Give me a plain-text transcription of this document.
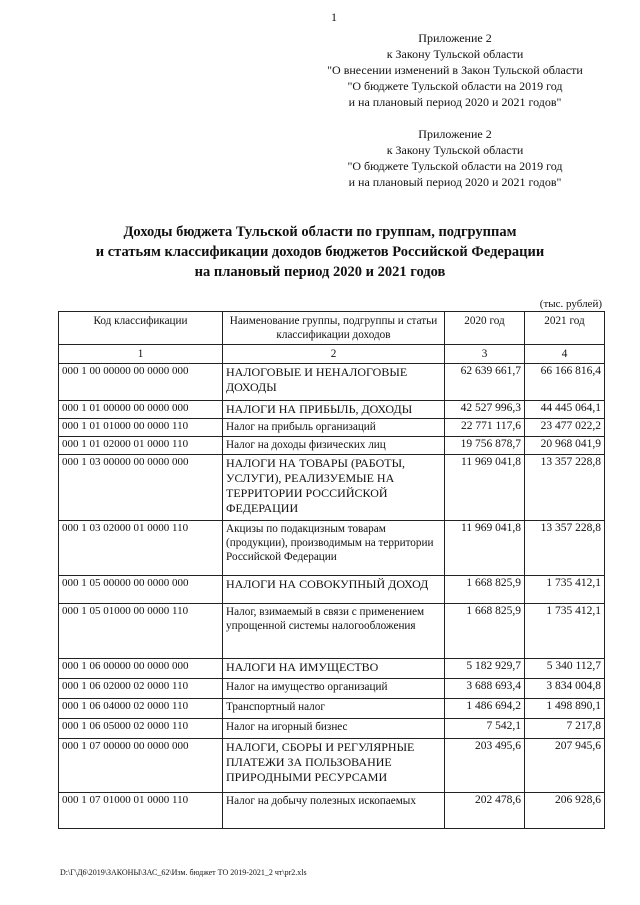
1
Приложение 2
к Закону Тульской области
"О внесении изменений в Закон Тульской области
"О бюджете Тульской области на 2019 год
и на плановый период 2020 и 2021 годов"
Приложение 2
к Закону Тульской области
"О бюджете Тульской области на 2019 год
и на плановый период 2020 и 2021 годов"
Доходы бюджета Тульской области по группам, подгруппам
и статьям классификации доходов бюджетов Российской Федерации
на плановый период 2020 и 2021 годов
(тыс. рублей)
Код классификации	Наименование группы, подгруппы и статьи классификации доходов	2020 год	2021 год
1	2	3	4
000 1 00 00000 00 0000 000	НАЛОГОВЫЕ И НЕНАЛОГОВЫЕ ДОХОДЫ	62 639 661,7	66 166 816,4
000 1 01 00000 00 0000 000	НАЛОГИ НА ПРИБЫЛЬ, ДОХОДЫ	42 527 996,3	44 445 064,1
000 1 01 01000 00 0000 110	Налог на прибыль организаций	22 771 117,6	23 477 022,2
000 1 01 02000 01 0000 110	Налог на доходы физических лиц	19 756 878,7	20 968 041,9
000 1 03 00000 00 0000 000	НАЛОГИ НА ТОВАРЫ (РАБОТЫ, УСЛУГИ), РЕАЛИЗУЕМЫЕ НА ТЕРРИТОРИИ РОССИЙСКОЙ ФЕДЕРАЦИИ	11 969 041,8	13 357 228,8
000 1 03 02000 01 0000 110	Акцизы по подакцизным товарам (продукции), производимым на территории Российской Федерации	11 969 041,8	13 357 228,8
000 1 05 00000 00 0000 000	НАЛОГИ НА СОВОКУПНЫЙ ДОХОД	1 668 825,9	1 735 412,1
000 1 05 01000 00 0000 110	Налог, взимаемый в связи с применением упрощенной системы налогообложения	1 668 825,9	1 735 412,1
000 1 06 00000 00 0000 000	НАЛОГИ НА ИМУЩЕСТВО	5 182 929,7	5 340 112,7
000 1 06 02000 02 0000 110	Налог на имущество организаций	3 688 693,4	3 834 004,8
000 1 06 04000 02 0000 110	Транспортный налог	1 486 694,2	1 498 890,1
000 1 06 05000 02 0000 110	Налог на игорный бизнес	7 542,1	7 217,8
000 1 07 00000 00 0000 000	НАЛОГИ, СБОРЫ И РЕГУЛЯРНЫЕ ПЛАТЕЖИ ЗА ПОЛЬЗОВАНИЕ ПРИРОДНЫМИ РЕСУРСАМИ	203 495,6	207 945,6
000 1 07 01000 01 0000 110	Налог на добычу полезных ископаемых	202 478,6	206 928,6
D:\Г\Д6\2019\ЗАКОНЫ\ЗАС_62\Изм. бюджет ТО 2019-2021_2 чт\pr2.xls
